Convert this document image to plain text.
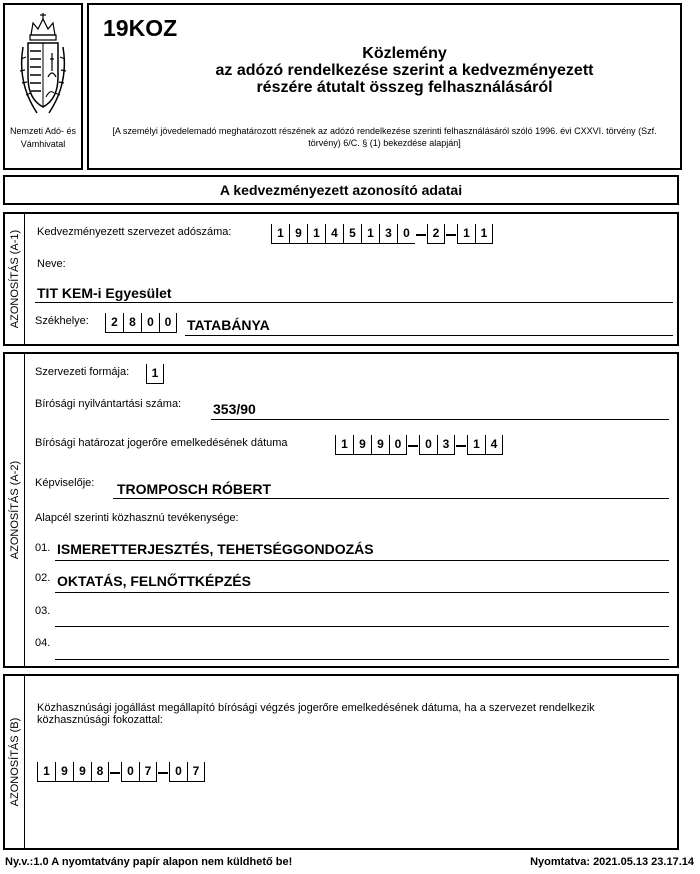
Nemzeti Adó- és Vámhivatal
19KOZ
Közlemény
az adózó rendelkezése szerint a kedvezményezett
részére átutalt összeg felhasználásáról
[A személyi jövedelemadó meghatározott részének az adózó rendelkezése szerinti felhasználásáról szóló 1996. évi CXXVI. törvény (Szf. törvény) 6/C. § (1) bekezdése alapján]
A kedvezményezett azonosító adatai
AZONOSÍTÁS (A-1) Kedvezményezett szervezet adószáma:	1 9 1 4 5 1 3 0	2	1 1
Neve:
TIT KEM-i Egyesület
Székhelye:	2 8 0 0	TATABÁNYA
AZONOSÍTÁS (A-2)
Szervezeti formája:	1
Bírósági nyilvántartási száma: 353/90
Bírósági határozat jogerőre emelkedésének dátuma	1 9 9 0	0 3	1 4
Képviselője: TROMPOSCH RÓBERT
Alapcél szerinti közhasznú tevékenysége:
01. ISMERETTERJESZTÉS, TEHETSÉGGONDOZÁS
02. OKTATÁS, FELNŐTTKÉPZÉS
03.
04.
AZONOSÍTÁS (B)
Közhasznúsági jogállást megállapító bírósági végzés jogerőre emelkedésének dátuma, ha a szervezet rendelkezik közhasznúsági fokozattal:
1 9 9 8	0 7	0 7
Ny.v.:1.0 A nyomtatvány papír alapon nem küldhető be!	Nyomtatva: 2021.05.13 23.17.14
